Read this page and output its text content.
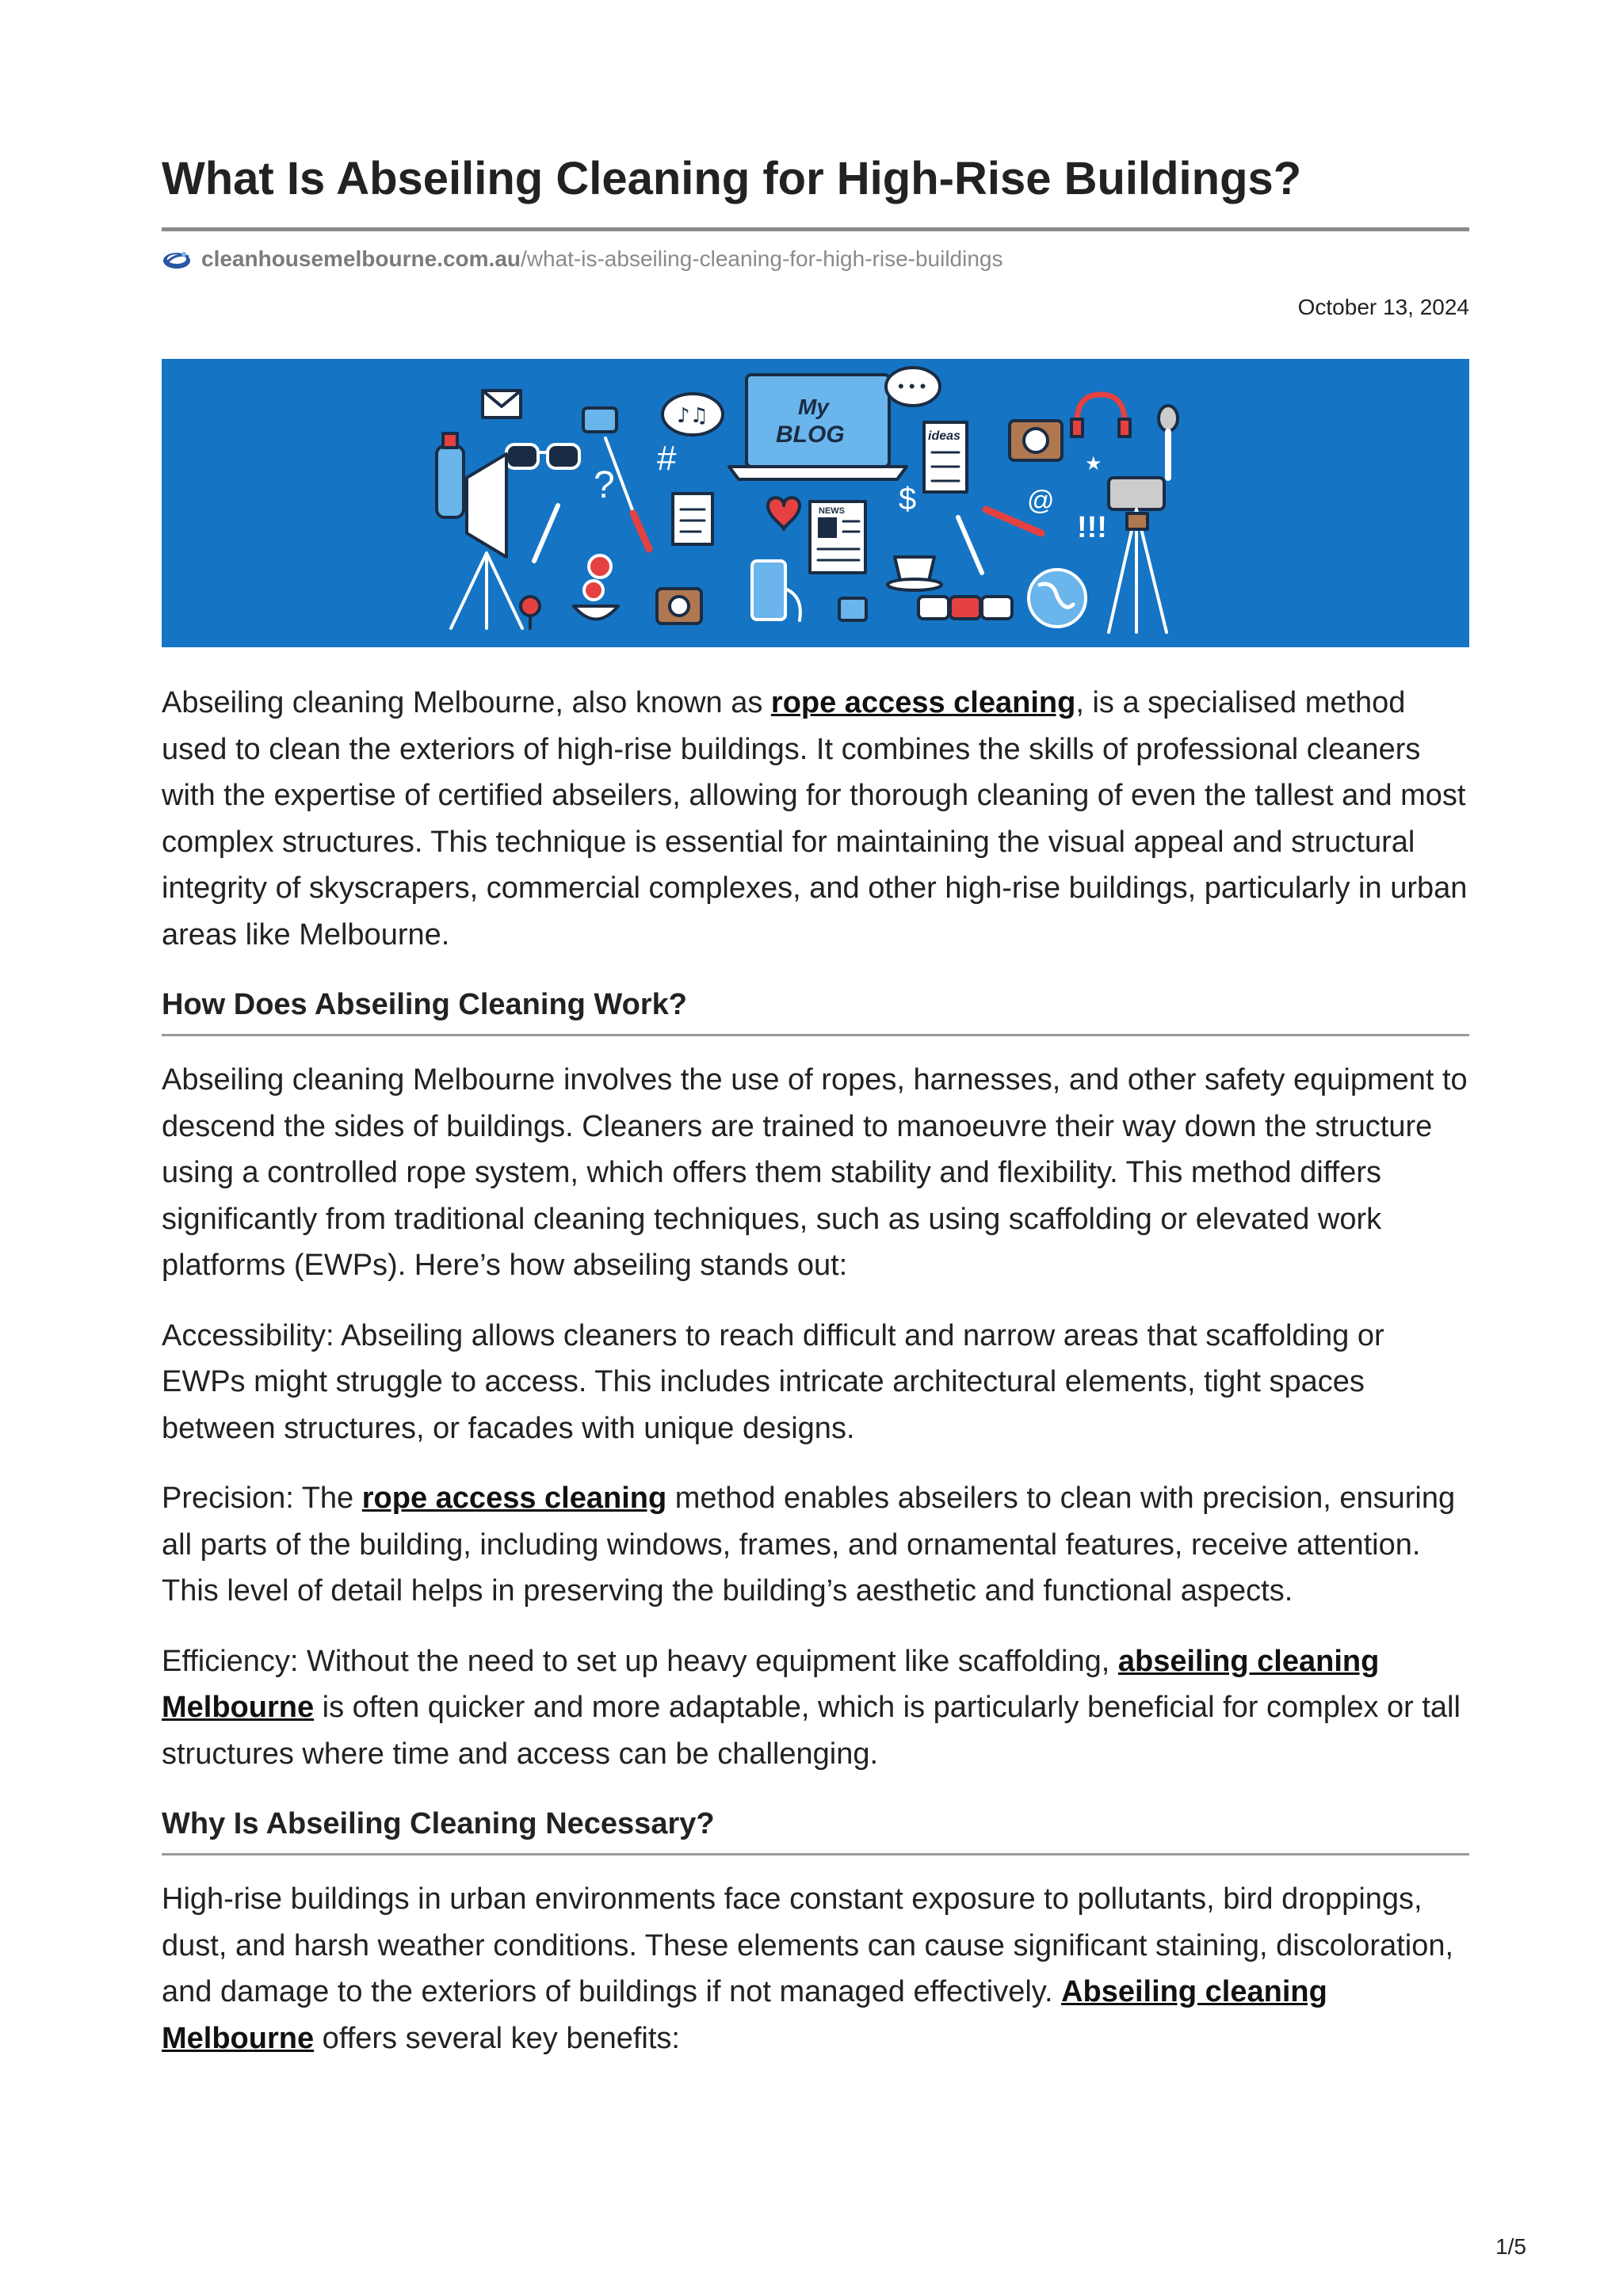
What Is Abseiling Cleaning for High-Rise Buildings?
cleanhousemelbourne.com.au /what-is-abseiling-cleaning-for-high-rise-buildings
October 13, 2024
?
#
♪♫	My
BLOG
NEWS
• • •
$
ideas
@
★
!!!

Abseiling cleaning Melbourne, also known as rope access cleaning, is a specialised method used to clean the exteriors of high-rise buildings. It combines the skills of professional cleaners with the expertise of certified abseilers, allowing for thorough cleaning of even the tallest and most complex structures. This technique is essential for maintaining the visual appeal and structural integrity of skyscrapers, commercial complexes, and other high-rise buildings, particularly in urban areas like Melbourne.

How Does Abseiling Cleaning Work?

Abseiling cleaning Melbourne involves the use of ropes, harnesses, and other safety equipment to descend the sides of buildings. Cleaners are trained to manoeuvre their way down the structure using a controlled rope system, which offers them stability and flexibility. This method differs significantly from traditional cleaning techniques, such as using scaffolding or elevated work platforms (EWPs). Here’s how abseiling stands out:

Accessibility: Abseiling allows cleaners to reach difficult and narrow areas that scaffolding or EWPs might struggle to access. This includes intricate architectural elements, tight spaces between structures, or facades with unique designs.

Precision: The rope access cleaning method enables abseilers to clean with precision, ensuring all parts of the building, including windows, frames, and ornamental features, receive attention. This level of detail helps in preserving the building’s aesthetic and functional aspects.

Efficiency: Without the need to set up heavy equipment like scaffolding, abseiling cleaning Melbourne is often quicker and more adaptable, which is particularly beneficial for complex or tall structures where time and access can be challenging.

Why Is Abseiling Cleaning Necessary?

High-rise buildings in urban environments face constant exposure to pollutants, bird droppings, dust, and harsh weather conditions. These elements can cause significant staining, discoloration, and damage to the exteriors of buildings if not managed effectively. Abseiling cleaning Melbourne offers several key benefits:

1/5
